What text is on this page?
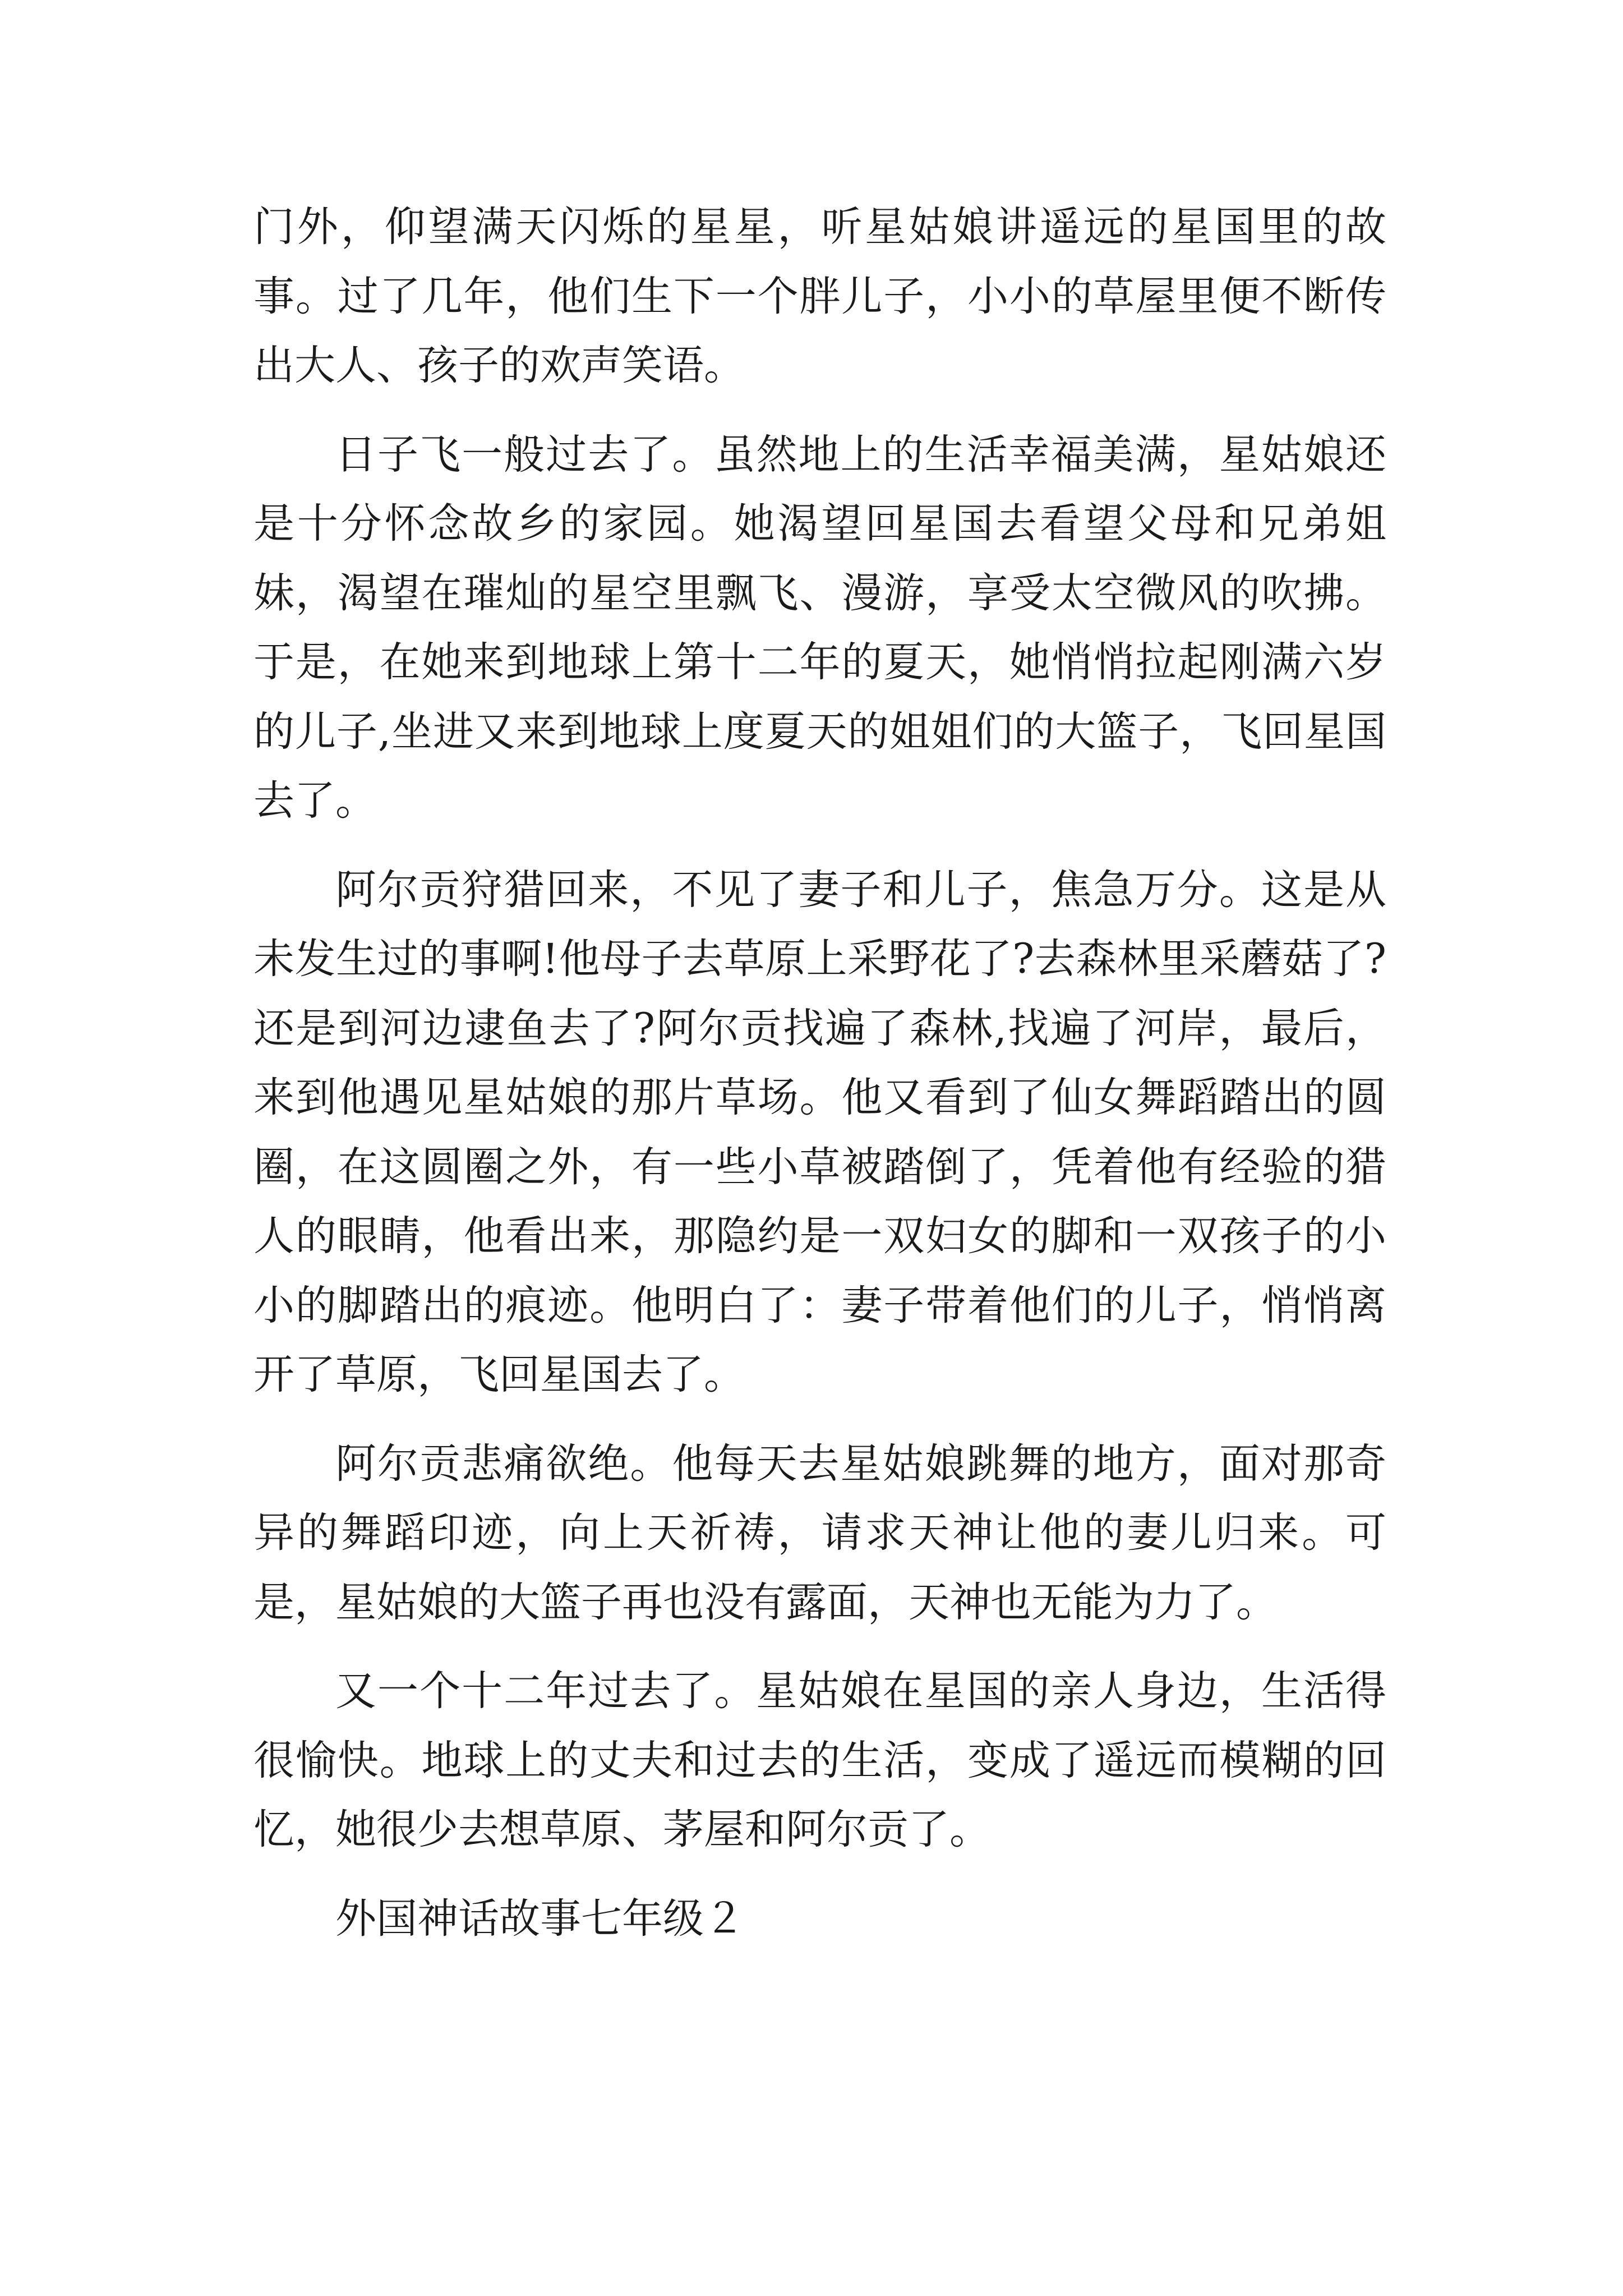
门外，仰望满天闪烁的星星，听星姑娘讲遥远的星国里的故事。过了几年，他们生下一个胖儿子，小小的草屋里便不断传出大人、孩子的欢声笑语。

日子飞一般过去了。虽然地上的生活幸福美满，星姑娘还是十分怀念故乡的家园。她渴望回星国去看望父母和兄弟姐妹，渴望在璀灿的星空里飘飞、漫游，享受太空微风的吹拂。于是，在她来到地球上第十二年的夏天，她悄悄拉起刚满六岁的儿子,坐进又来到地球上度夏天的姐姐们的大篮子，飞回星国去了。

阿尔贡狩猎回来，不见了妻子和儿子，焦急万分。这是从未发生过的事啊!他母子去草原上采野花了?去森林里采蘑菇了?还是到河边逮鱼去了?阿尔贡找遍了森林,找遍了河岸，最后，来到他遇见星姑娘的那片草场。他又看到了仙女舞蹈踏出的圆圈，在这圆圈之外，有一些小草被踏倒了，凭着他有经验的猎人的眼睛，他看出来，那隐约是一双妇女的脚和一双孩子的小小的脚踏出的痕迹。他明白了：妻子带着他们的儿子，悄悄离开了草原，飞回星国去了。

阿尔贡悲痛欲绝。他每天去星姑娘跳舞的地方，面对那奇异的舞蹈印迹，向上天祈祷，请求天神让他的妻儿归来。可是，星姑娘的大篮子再也没有露面，天神也无能为力了。

又一个十二年过去了。星姑娘在星国的亲人身边，生活得很愉快。地球上的丈夫和过去的生活，变成了遥远而模糊的回忆，她很少去想草原、茅屋和阿尔贡了。

外国神话故事七年级２
